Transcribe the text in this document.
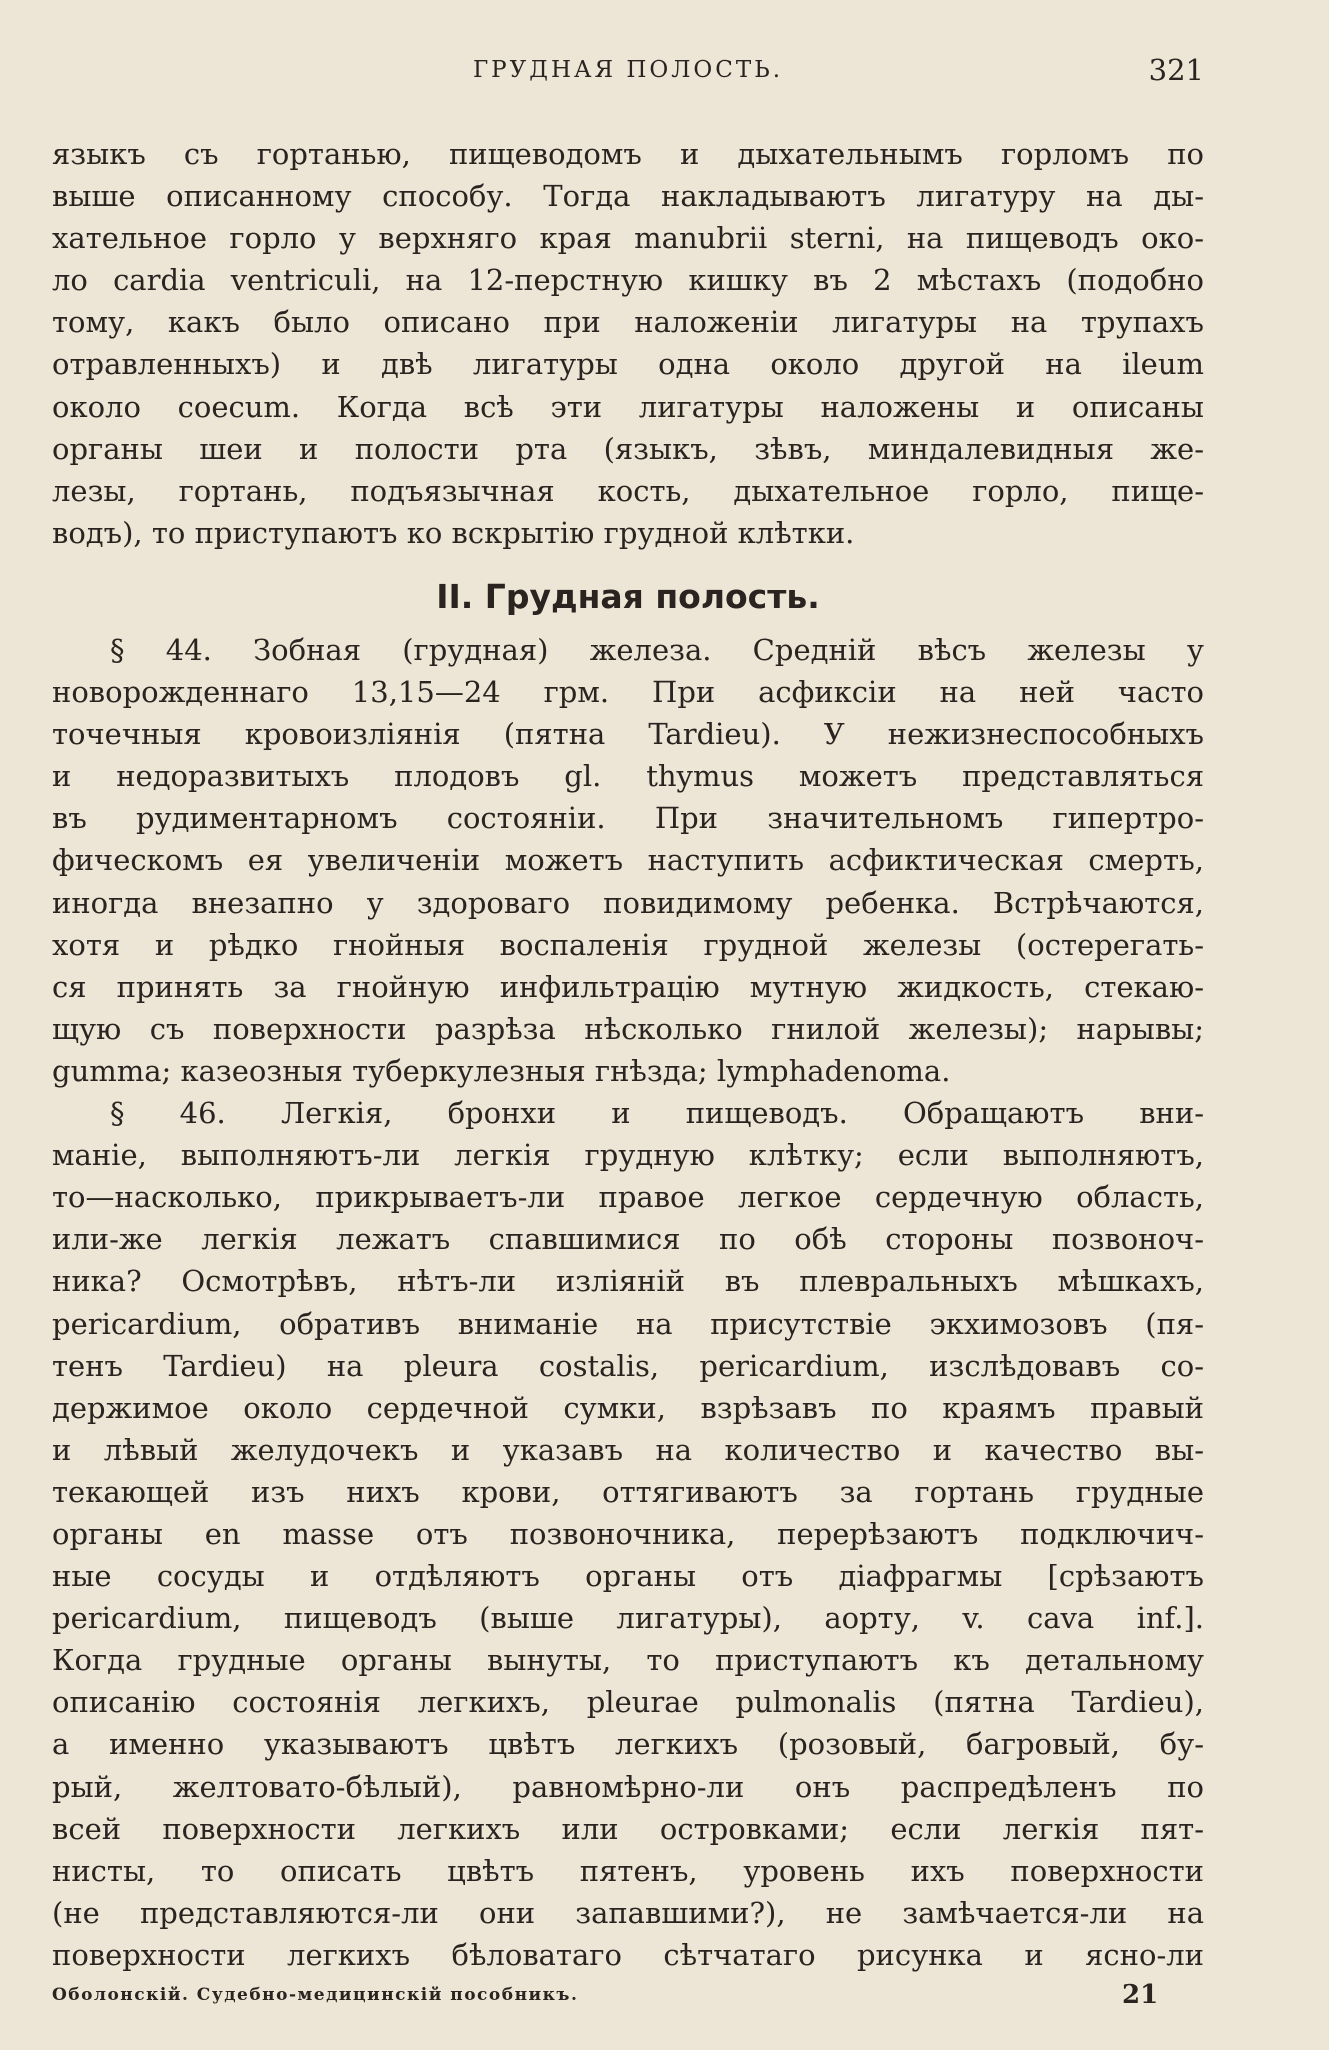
ГРУДНАЯ ПОЛОСТЬ.	321
языкъ съ гортанью, пищеводомъ и дыхательнымъ горломъ по
выше описанному способу. Тогда накладываютъ лигатуру на ды-
хательное горло у верхняго края manubrii sterni, на пищеводъ око-
ло cardia ventriculi, на 12-перстную кишку въ 2 мѣстахъ (подобно
тому, какъ было описано при наложенiи лигатуры на трупахъ
отравленныхъ) и двѣ лигатуры одна около другой на ileum
около coecum. Когда всѣ эти лигатуры наложены и описаны
органы шеи и полости рта (языкъ, зѣвъ, миндалевидныя же-
лезы, гортань, подъязычная кость, дыхательное горло, пище-
водъ), то приступаютъ ко вскрытiю грудной клѣтки.
II. Грудная полость.
§ 44. Зобная (грудная) железа. Среднiй вѣсъ железы у
новорожденнаго 13,15—24 грм. При асфиксiи на ней часто
точечныя кровоизлiянiя (пятна Tardieu). У нежизнеспособныхъ
и недоразвитыхъ плодовъ gl. thymus можетъ представляться
въ рудиментарномъ состоянiи. При значительномъ гипертро-
фическомъ ея увеличенiи можетъ наступить асфиктическая смерть,
иногда внезапно у здороваго повидимому ребенка. Встрѣчаются,
хотя и рѣдко гнойныя воспаленiя грудной железы (остерегать-
ся принять за гнойную инфильтрацiю мутную жидкость, стекаю-
щую съ поверхности разрѣза нѣсколько гнилой железы); нарывы;
gumma; казеозныя туберкулезныя гнѣзда; lymphadenoma.
§ 46. Легкiя, бронхи и пищеводъ. Обращаютъ вни-
манiе, выполняютъ-ли легкiя грудную клѣтку; если выполняютъ,
то—насколько, прикрываетъ-ли правое легкое сердечную область,
или-же легкiя лежатъ спавшимися по обѣ стороны позвоноч-
ника? Осмотрѣвъ, нѣтъ-ли излiянiй въ плевральныхъ мѣшкахъ,
pericardium, обративъ вниманiе на присутствiе экхимозовъ (пя-
тенъ Tardieu) на pleura costalis, pericardium, изслѣдовавъ со-
держимое около сердечной сумки, взрѣзавъ по краямъ правый
и лѣвый желудочекъ и указавъ на количество и качество вы-
текающей изъ нихъ крови, оттягиваютъ за гортань грудные
органы en masse отъ позвоночника, перерѣзаютъ подключич-
ные сосуды и отдѣляютъ органы отъ дiафрагмы [срѣзаютъ
pericardium, пищеводъ (выше лигатуры), аорту, v. cava inf.].
Когда грудные органы вынуты, то приступаютъ къ детальному
описанiю состоянiя легкихъ, pleurae pulmonalis (пятна Tardieu),
а именно указываютъ цвѣтъ легкихъ (розовый, багровый, бу-
рый, желтовато-бѣлый), равномѣрно-ли онъ распредѣленъ по
всей поверхности легкихъ или островками; если легкiя пят-
нисты, то описать цвѣтъ пятенъ, уровень ихъ поверхности
(не представляются-ли они запавшими?), не замѣчается-ли на
поверхности легкихъ бѣловатаго сѣтчатаго рисунка и ясно-ли
Оболонскiй. Судебно-медицинскiй пособникъ.	21
